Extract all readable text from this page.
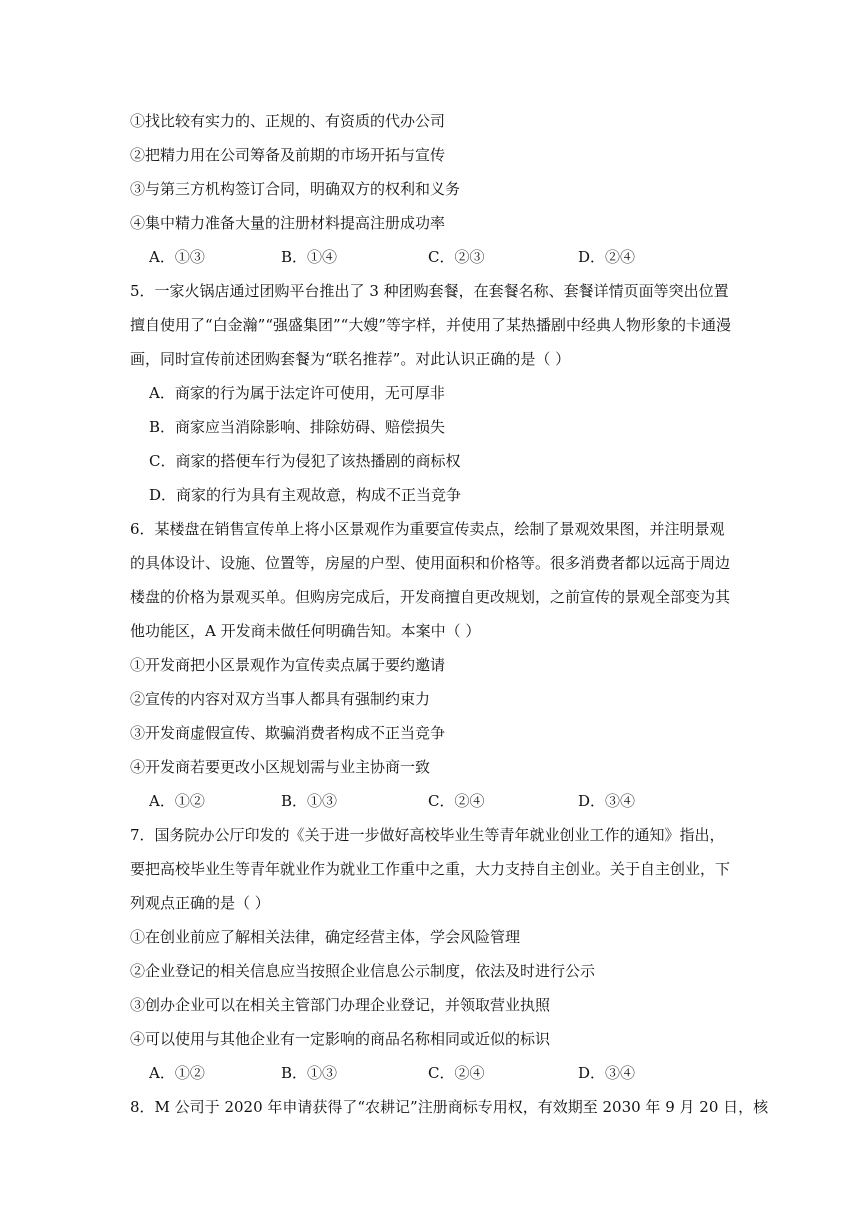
①找比较有实力的、正规的、有资质的代办公司
②把精力用在公司筹备及前期的市场开拓与宣传
③与第三方机构签订合同，明确双方的权利和义务
④集中精力准备大量的注册材料提高注册成功率
A．①③	B．①④	C．②③	D．②④
5．一家火锅店通过团购平台推出了 3 种团购套餐，在套餐名称、套餐详情页面等突出位置
擅自使用了“白金瀚”“强盛集团”“大嫂”等字样，并使用了某热播剧中经典人物形象的卡通漫
画，同时宣传前述团购套餐为“联名推荐”。对此认识正确的是（ ）
A．商家的行为属于法定许可使用，无可厚非
B．商家应当消除影响、排除妨碍、赔偿损失
C．商家的搭便车行为侵犯了该热播剧的商标权
D．商家的行为具有主观故意，构成不正当竞争
6．某楼盘在销售宣传单上将小区景观作为重要宣传卖点，绘制了景观效果图，并注明景观
的具体设计、设施、位置等，房屋的户型、使用面积和价格等。很多消费者都以远高于周边
楼盘的价格为景观买单。但购房完成后，开发商擅自更改规划，之前宣传的景观全部变为其
他功能区，A 开发商未做任何明确告知。本案中（ ）
①开发商把小区景观作为宣传卖点属于要约邀请
②宣传的内容对双方当事人都具有强制约束力
③开发商虚假宣传、欺骗消费者构成不正当竞争
④开发商若要更改小区规划需与业主协商一致
A．①②	B．①③	C．②④	D．③④
7．国务院办公厅印发的《关于进一步做好高校毕业生等青年就业创业工作的通知》指出，
要把高校毕业生等青年就业作为就业工作重中之重，大力支持自主创业。关于自主创业，下
列观点正确的是（ ）
①在创业前应了解相关法律，确定经营主体，学会风险管理
②企业登记的相关信息应当按照企业信息公示制度，依法及时进行公示
③创办企业可以在相关主管部门办理企业登记，并领取营业执照
④可以使用与其他企业有一定影响的商品名称相同或近似的标识
A．①②	B．①③	C．②④	D．③④
8．M 公司于 2020 年申请获得了“农耕记”注册商标专用权，有效期至 2030 年 9 月 20 日，核
